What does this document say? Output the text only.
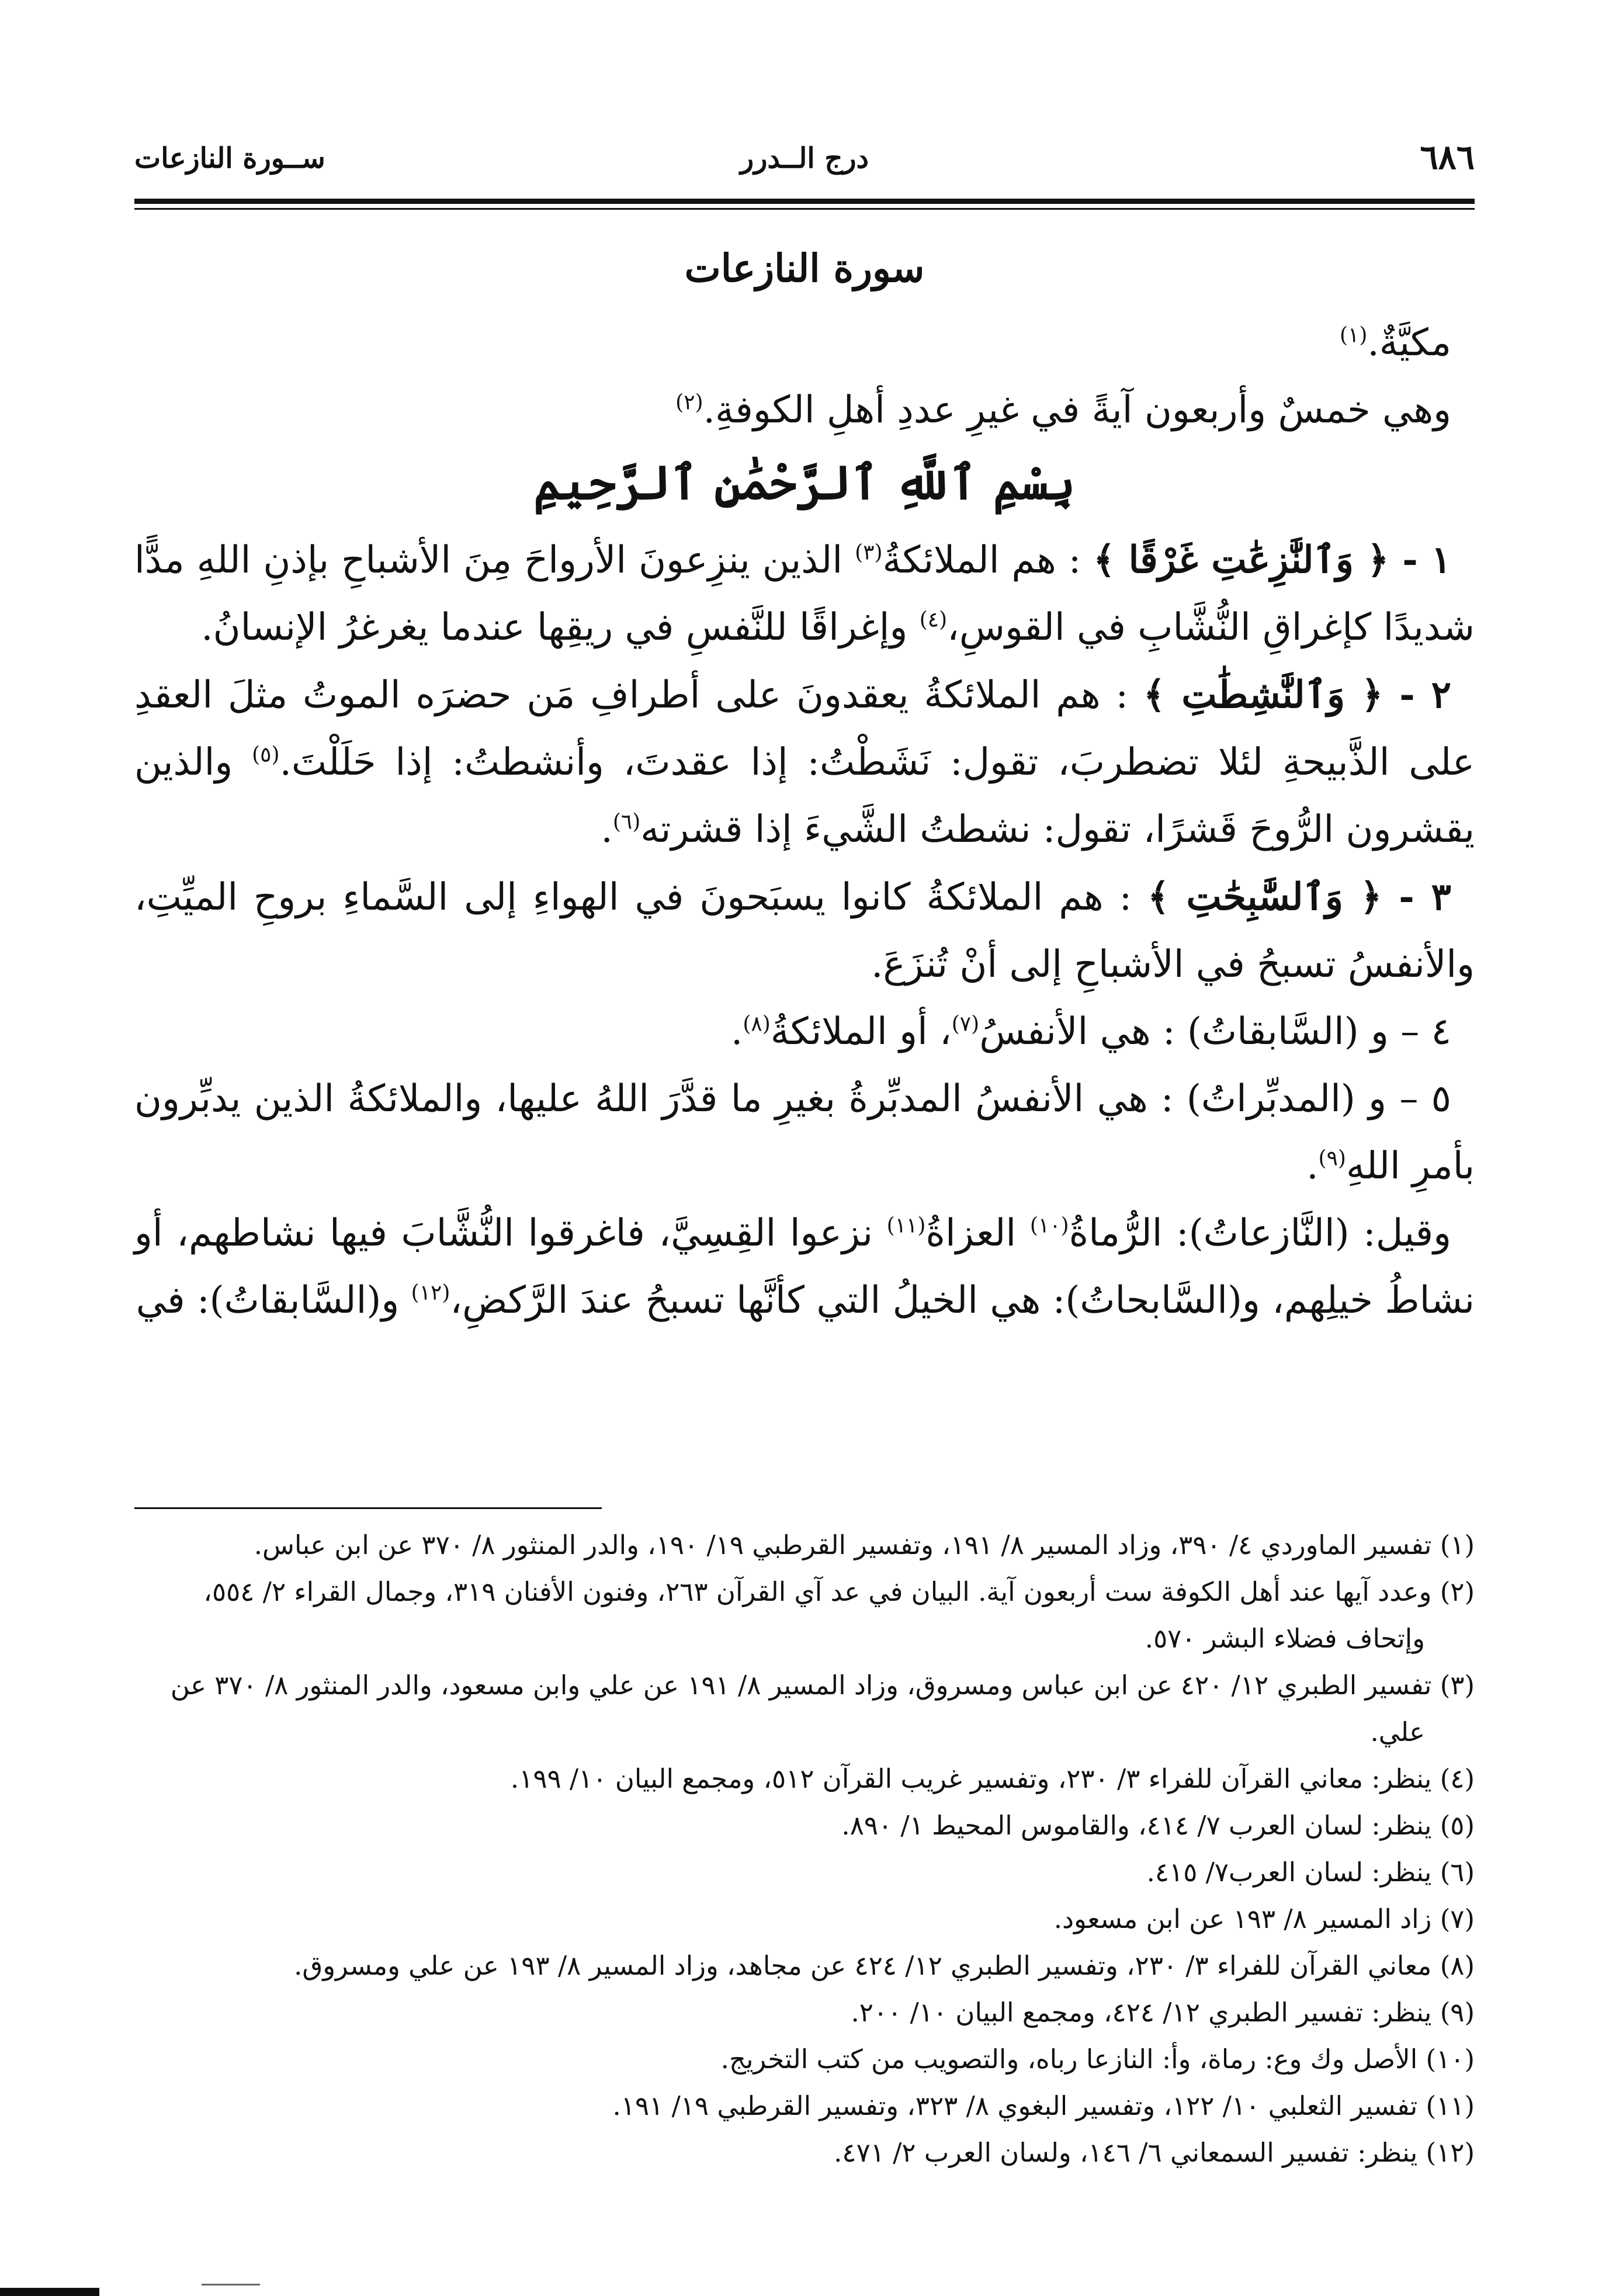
٦٨٦
درج الــدرر
ســورة النازعات
سورة النازعات

مكيَّةٌ.$^{(١)}$

وهي خمسٌ وأربعون آيةً في غيرِ عددِ أهلِ الكوفةِ.$^{(٢)}$

بِسْمِ ٱللَّهِ ٱلرَّحْمَٰنِ ٱلرَّحِيمِ

١ - ﴿ وَٱلنَّٰزِعَٰتِ غَرْقًا ﴾ : هم الملائكةُ$^{(٣)}$ الذين ينزِعونَ الأرواحَ مِنَ الأشباحِ بإذنِ اللهِ مدًّا شديدًا كإغراقِ النُّشَّابِ في القوسِ،$^{(٤)}$ وإغراقًا للنَّفسِ في ريقِها عندما يغرغرُ الإنسانُ.

٢ - ﴿ وَٱلنَّٰشِطَٰتِ ﴾ : هم الملائكةُ يعقدونَ على أطرافِ مَن حضرَه الموتُ مثلَ العقدِ على الذَّبيحةِ لئلا تضطربَ، تقول: نَشَطْتُ: إذا عقدتَ، وأنشطتُ: إذا حَلَلْتَ.$^{(٥)}$ والذين يقشرون الرُّوحَ قَشرًا، تقول: نشطتُ الشَّيءَ إذا قشرته$^{(٦)}$.

٣ - ﴿ وَٱلسَّٰبِحَٰتِ ﴾ : هم الملائكةُ كانوا يسبَحونَ في الهواءِ إلى السَّماءِ بروحِ الميِّتِ، والأنفسُ تسبحُ في الأشباحِ إلى أنْ تُنزَعَ.

٤ – و (السَّابقاتُ) : هي الأنفسُ$^{(٧)}$، أو الملائكةُ$^{(٨)}$.

٥ – و (المدبِّراتُ) : هي الأنفسُ المدبِّرةُ بغيرِ ما قدَّرَ اللهُ عليها، والملائكةُ الذين يدبِّرون بأمرِ اللهِ$^{(٩)}$.

وقيل: (النَّازعاتُ): الرُّماةُ$^{(١٠)}$ العزاةُ$^{(١١)}$ نزعوا القِسِيَّ، فاغرقوا النُّشَّابَ فيها نشاطهم، أو نشاطُ خيلِهم، و(السَّابحاتُ): هي الخيلُ التي كأنَّها تسبحُ عندَ الرَّكضِ،$^{(١٢)}$ و(السَّابقاتُ): في

(١) تفسير الماوردي ٤/ ٣٩٠، وزاد المسير ٨/ ١٩١، وتفسير القرطبي ١٩/ ١٩٠، والدر المنثور ٨/ ٣٧٠ عن ابن عباس.

(٢) وعدد آيها عند أهل الكوفة ست أربعون آية. البيان في عد آي القرآن ٢٦٣، وفنون الأفنان ٣١٩، وجمال القراء ٢/ ٥٥٤، وإتحاف فضلاء البشر ٥٧٠.

(٣) تفسير الطبري ١٢/ ٤٢٠ عن ابن عباس ومسروق، وزاد المسير ٨/ ١٩١ عن علي وابن مسعود، والدر المنثور ٨/ ٣٧٠ عن علي.

(٤) ينظر: معاني القرآن للفراء ٣/ ٢٣٠، وتفسير غريب القرآن ٥١٢، ومجمع البيان ١٠/ ١٩٩.

(٥) ينظر: لسان العرب ٧/ ٤١٤، والقاموس المحيط ١/ ٨٩٠.

(٦) ينظر: لسان العرب٧/ ٤١٥.

(٧) زاد المسير ٨/ ١٩٣ عن ابن مسعود.

(٨) معاني القرآن للفراء ٣/ ٢٣٠، وتفسير الطبري ١٢/ ٤٢٤ عن مجاهد، وزاد المسير ٨/ ١٩٣ عن علي ومسروق.

(٩) ينظر: تفسير الطبري ١٢/ ٤٢٤، ومجمع البيان ١٠/ ٢٠٠.

(١٠) الأصل وك وع: رماة، وأ: النازعا رباه، والتصويب من كتب التخريج.

(١١) تفسير الثعلبي ١٠/ ١٢٢، وتفسير البغوي ٨/ ٣٢٣، وتفسير القرطبي ١٩/ ١٩١.

(١٢) ينظر: تفسير السمعاني ٦/ ١٤٦، ولسان العرب ٢/ ٤٧١.
